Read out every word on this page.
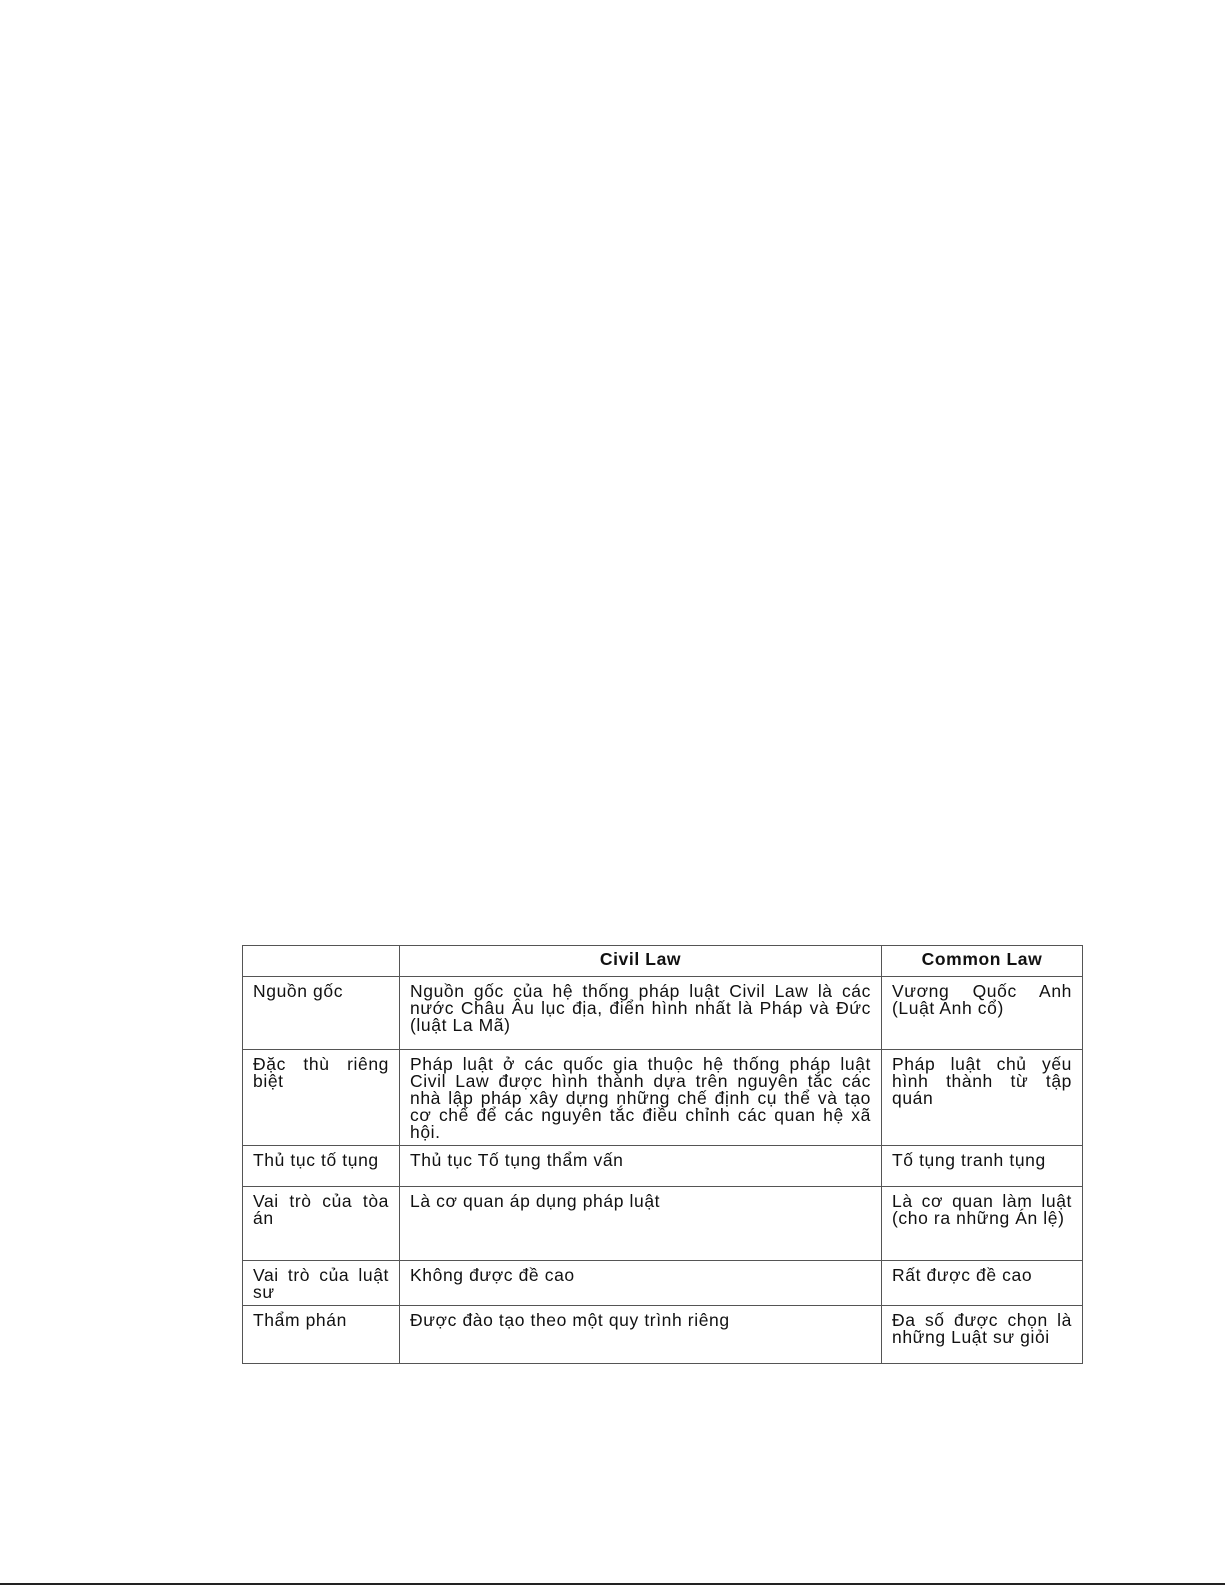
	Civil Law	Common Law
Nguồn gốc	Nguồn gốc của hệ thống pháp luật Civil Law là các nước Châu Âu lục địa, điển hình nhất là Pháp và Đức (luật La Mã)	Vương Quốc Anh (Luật Anh cổ)
Đặc thù riêng biệt	Pháp luật ở các quốc gia thuộc hệ thống pháp luật Civil Law được hình thành dựa trên nguyên tắc các nhà lập pháp xây dựng những chế định cụ thể và tạo cơ chế để các nguyên tắc điều chỉnh các quan hệ xã hội.	Pháp luật chủ yếu hình thành từ tập quán
Thủ tục tố tụng	Thủ tục Tố tụng thẩm vấn	Tố tụng tranh tụng
Vai trò của tòa án	Là cơ quan áp dụng pháp luật	Là cơ quan làm luật (cho ra những Án lệ)
Vai trò của luật sư	Không được đề cao	Rất được đề cao
Thẩm phán	Được đào tạo theo một quy trình riêng	Đa số được chọn là những Luật sư giỏi
